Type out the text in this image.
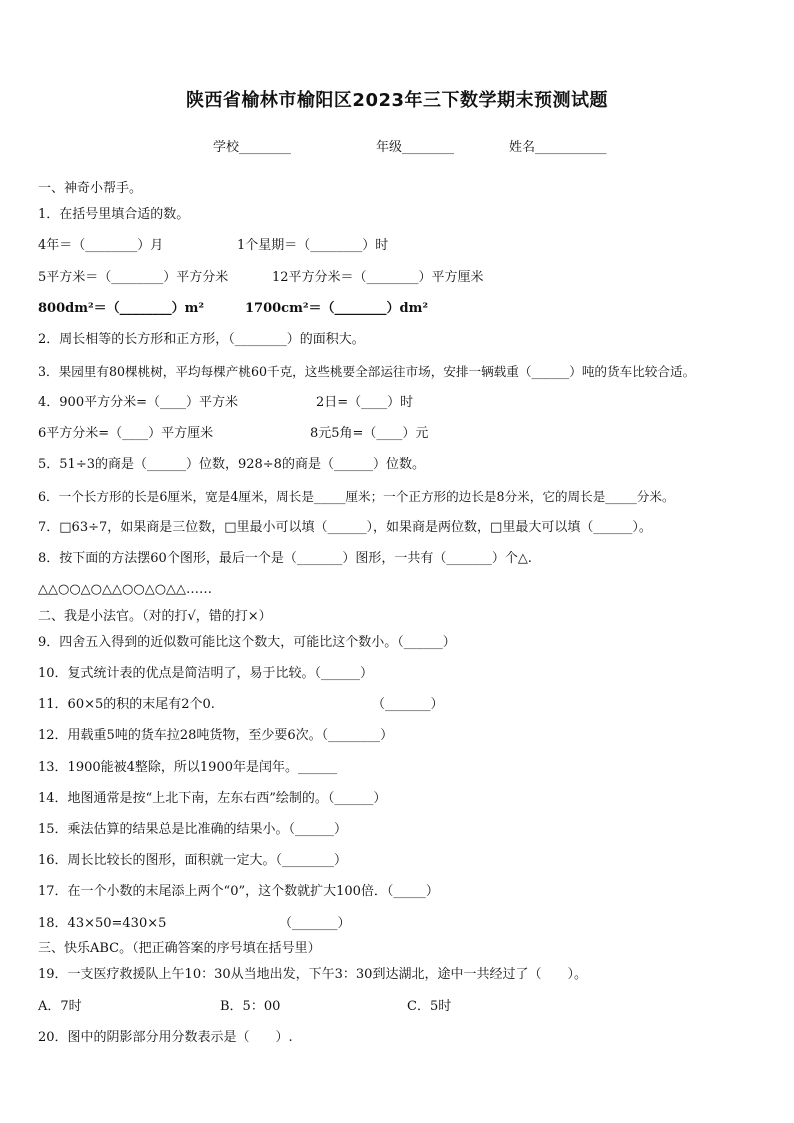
陕西省榆林市榆阳区2023年三下数学期末预测试题
学校________	年级________	姓名___________
一、神奇小帮手。
1．在括号里填合适的数。
4年＝（________）月	1个星期＝（________）时
5平方米＝（________）平方分米	12平方分米＝（________）平方厘米
800dm²＝（________）m²	1700cm²＝（________）dm²
2．周长相等的长方形和正方形，（________）的面积大。
3．果园里有80棵桃树，平均每棵产桃60千克，这些桃要全部运往市场，安排一辆载重（______）吨的货车比较合适。
4．900平方分米=（____）平方米	2日=（____）时
6平方分米=（____）平方厘米	8元5角=（____）元
5．51÷3的商是（______）位数，928÷8的商是（______）位数。
6．一个长方形的长是6厘米，宽是4厘米，周长是_____厘米；一个正方形的边长是8分米，它的周长是_____分米。
7．□63÷7，如果商是三位数，□里最小可以填（______），如果商是两位数，□里最大可以填（______）。
8．按下面的方法摆60个图形，最后一个是（_______）图形，一共有（_______）个△.
△△○○△○△△○○△○△△……
二、我是小法官。（对的打√，错的打×）
9．四舍五入得到的近似数可能比这个数大，可能比这个数小。（______）
10．复式统计表的优点是简洁明了，易于比较。（______）
11．60×5的积的末尾有2个0.	（_______）
12．用载重5吨的货车拉28吨货物，至少要6次。（________）
13．1900能被4整除，所以1900年是闰年。______
14．地图通常是按“上北下南，左东右西”绘制的。（______）
15．乘法估算的结果总是比准确的结果小。（______）
16．周长比较长的图形，面积就一定大。（________）
17．在一个小数的末尾添上两个“0”，这个数就扩大100倍．（_____）
18．43×50=430×5	（_______）
三、快乐ABC。（把正确答案的序号填在括号里）
19．一支医疗救援队上午10：30从当地出发，下午3：30到达湖北，途中一共经过了（　　）。
A．7时	B．5：00	C．5时
20．图中的阴影部分用分数表示是（　　）.
